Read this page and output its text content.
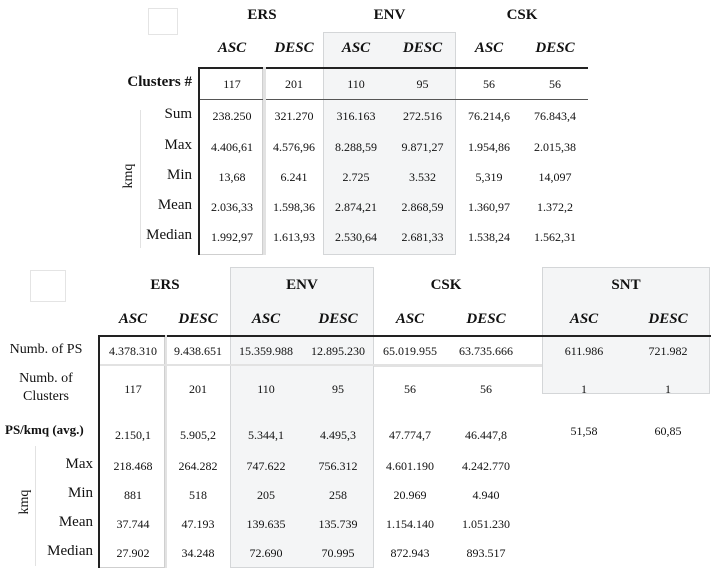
ERS	ENV	CSK
ASC	DESC	ASC	DESC	ASC	DESC
Clusters #	117	201	110	95	56	56
kmq
Sum	238.250	321.270	316.163	272.516	76.214,6	76.843,4
Max	4.406,61	4.576,96	8.288,59	9.871,27	1.954,86	2.015,38
Min	13,68	6.241	2.725	3.532	5,319	14,097
Mean	2.036,33	1.598,36	2.874,21	2.868,59	1.360,97	1.372,2
Median	1.992,97	1.613,93	2.530,64	2.681,33	1.538,24	1.562,31
ERS	ENV	CSK	SNT
ASC	DESC	ASC	DESC	ASC	DESC	ASC	DESC
Numb. of PS	4.378.310	9.438.651	15.359.988	12.895.230	65.019.955	63.735.666	611.986	721.982
Numb. of
Clusters	117	201	110	95	56	56	1	1
PS/kmq (avg.)	2.150,1	5.905,2	5.344,1	4.495,3	47.774,7	46.447,8	51,58	60,85
kmq
Max	218.468	264.282	747.622	756.312	4.601.190	4.242.770
Min	881	518	205	258	20.969	4.940
Mean	37.744	47.193	139.635	135.739	1.154.140	1.051.230
Median	27.902	34.248	72.690	70.995	872.943	893.517
